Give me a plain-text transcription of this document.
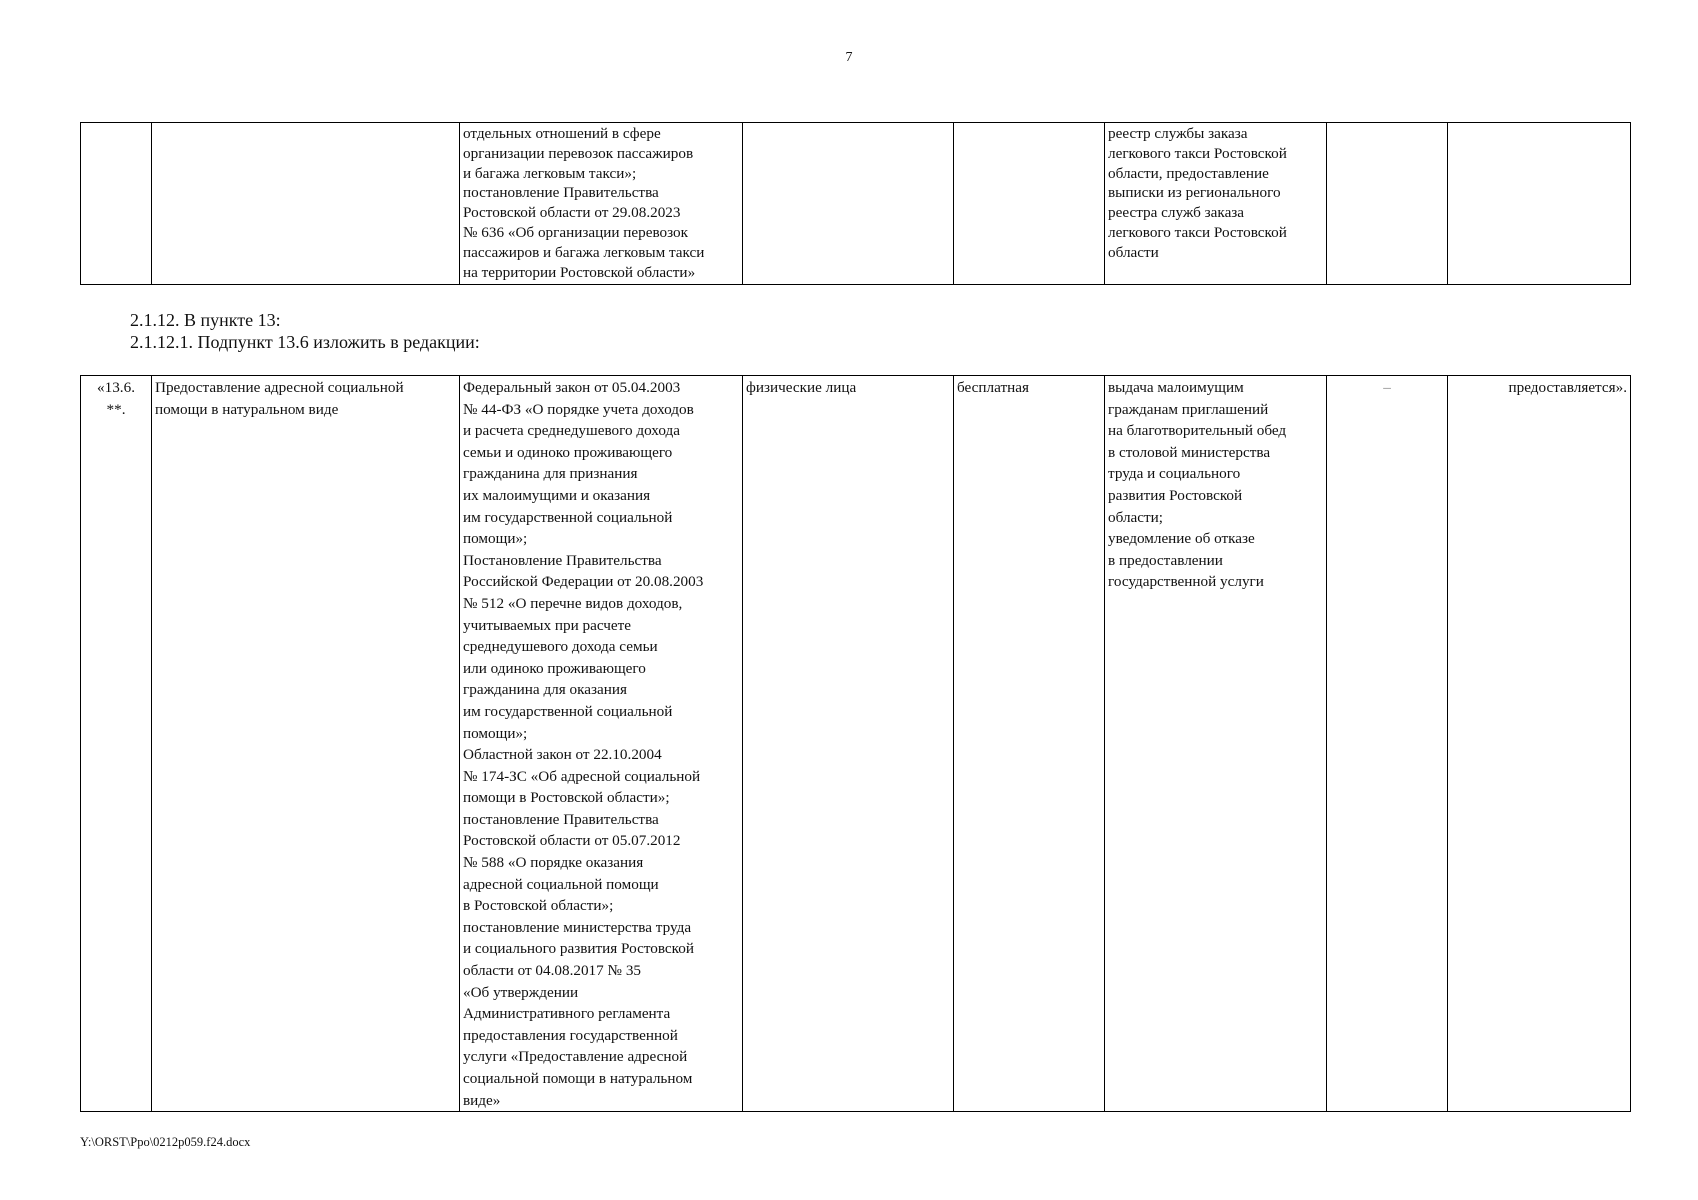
7
		отдельных отношений в сфере
организации перевозок пассажиров
и багажа легковым такси»;
постановление Правительства
Ростовской области от 29.08.2023
№ 636 «Об организации перевозок
пассажиров и багажа легковым такси
на территории Ростовской области»			реестр службы заказа
легкового такси Ростовской
области, предоставление
выписки из регионального
реестра служб заказа
легкового такси Ростовской
области		
2.1.12. В пункте 13:
2.1.12.1. Подпункт 13.6 изложить в редакции:
«13.6.
**.	Предоставление адресной социальной
помощи в натуральном виде	Федеральный закон от 05.04.2003
№ 44-ФЗ «О порядке учета доходов
и расчета среднедушевого дохода
семьи и одиноко проживающего
гражданина для признания
их малоимущими и оказания
им государственной социальной
помощи»;
Постановление Правительства
Российской Федерации от 20.08.2003
№ 512 «О перечне видов доходов,
учитываемых при расчете
среднедушевого дохода семьи
или одиноко проживающего
гражданина для оказания
им государственной социальной
помощи»;
Областной закон от 22.10.2004
№ 174-ЗС «Об адресной социальной
помощи в Ростовской области»;
постановление Правительства
Ростовской области от 05.07.2012
№ 588 «О порядке оказания
адресной социальной помощи
в Ростовской области»;
постановление министерства труда
и социального развития Ростовской
области от 04.08.2017 № 35
«Об утверждении
Административного регламента
предоставления государственной
услуги «Предоставление адресной
социальной помощи в натуральном
виде»	физические лица	бесплатная	выдача малоимущим
гражданам приглашений
на благотворительный обед
в столовой министерства
труда и социального
развития Ростовской
области;
уведомление об отказе
в предоставлении
государственной услуги	–	предоставляется».
Y:\ORST\Ppo\0212p059.f24.docx
